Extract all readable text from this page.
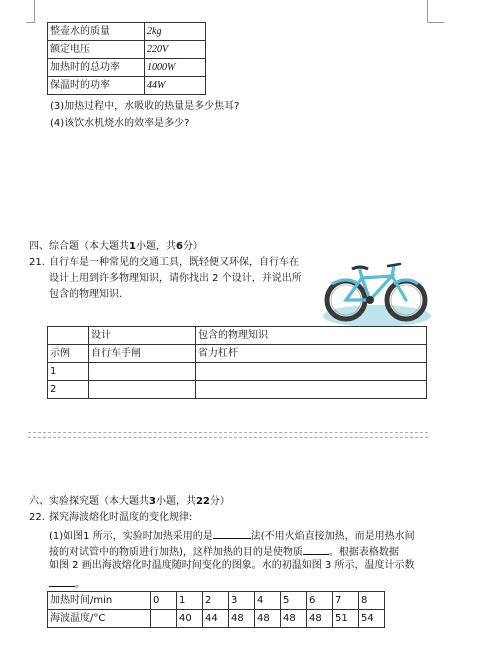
整壶水的质量	2kg
额定电压	220V
加热时的总功率	1000W
保温时的功率	44W
(3)加热过程中，水吸收的热量是多少焦耳?
(4)该饮水机烧水的效率是多少?
四、综合题（本大题共1小题，共6分）
21. 自行车是一种常见的交通工具，既轻便又环保，自行车在
设计上用到许多物理知识，请你找出 2 个设计，并说出所
包含的物理知识.
	设计	包含的物理知识
示例	自行车手闸	省力杠杆
1		
2		
六、实验探究题（本大题共3小题，共22分）
22. 探究海波熔化时温度的变化规律:
(1)如图1 所示，实验时加热采用的是	法(不用火焰直接加热，而是用热水间
接的对试管中的物质进行加热)，这样加热的目的是使物质	。根据表格数据
如图 2 画出海波熔化时温度随时间变化的图象。水的初温如图 3 所示，温度计示数
。
加热时间/min	0	1	2	3	4	5	6	7	8
海波温度/°C		40	44	48	48	48	48	51	54
